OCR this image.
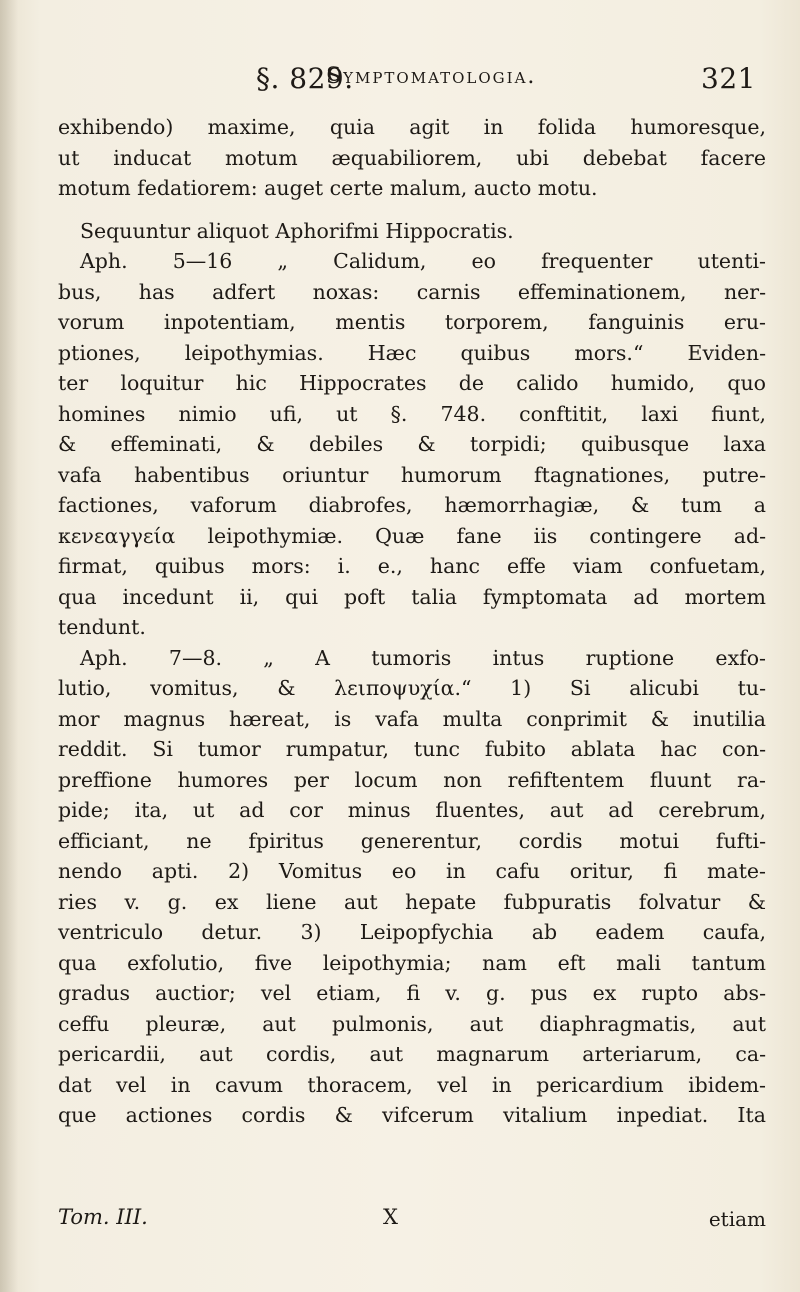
§. 829.
Symptomatologia.	321
exhibendo) maxime, quia agit in folida humoresque,
ut inducat motum æquabiliorem, ubi debebat facere
motum fedatiorem: auget certe malum, aucto motu.
Sequuntur aliquot Aphorifmi Hippocratis.
Aph. 5—16 „ Calidum, eo frequenter utenti-
bus, has adfert noxas: carnis effeminationem, ner-
vorum inpotentiam, mentis torporem, fanguinis eru-
ptiones, leipothymias. Hæc quibus mors.“ Eviden-
ter loquitur hic Hippocrates de calido humido, quo
homines nimio ufi, ut §. 748. conftitit, laxi fiunt,
& effeminati, & debiles & torpidi; quibusque laxa
vafa habentibus oriuntur humorum ftagnationes, putre-
factiones, vaforum diabrofes, hæmorrhagiæ, & tum a
κενεαγγεία leipothymiæ. Quæ fane iis contingere ad-
firmat, quibus mors: i. e., hanc effe viam confuetam,
qua incedunt ii, qui poft talia fymptomata ad mortem
tendunt.
Aph. 7—8. „ A tumoris intus ruptione exfo-
lutio, vomitus, & λειποψυχία.“ 1) Si alicubi tu-
mor magnus hæreat, is vafa multa conprimit & inutilia
reddit. Si tumor rumpatur, tunc fubito ablata hac con-
preffione humores per locum non refiftentem fluunt ra-
pide; ita, ut ad cor minus fluentes, aut ad cerebrum,
efficiant, ne fpiritus generentur, cordis motui fufti-
nendo apti. 2) Vomitus eo in cafu oritur, fi mate-
ries v. g. ex liene aut hepate fubpuratis folvatur &
ventriculo detur. 3) Leipopfychia ab eadem caufa,
qua exfolutio, five leipothymia; nam eft mali tantum
gradus auctior; vel etiam, fi v. g. pus ex rupto abs-
ceffu pleuræ, aut pulmonis, aut diaphragmatis, aut
pericardii, aut cordis, aut magnarum arteriarum, ca-
dat vel in cavum thoracem, vel in pericardium ibidem-
que actiones cordis & vifcerum vitalium inpediat. Ita
Tom. III.	X	etiam
